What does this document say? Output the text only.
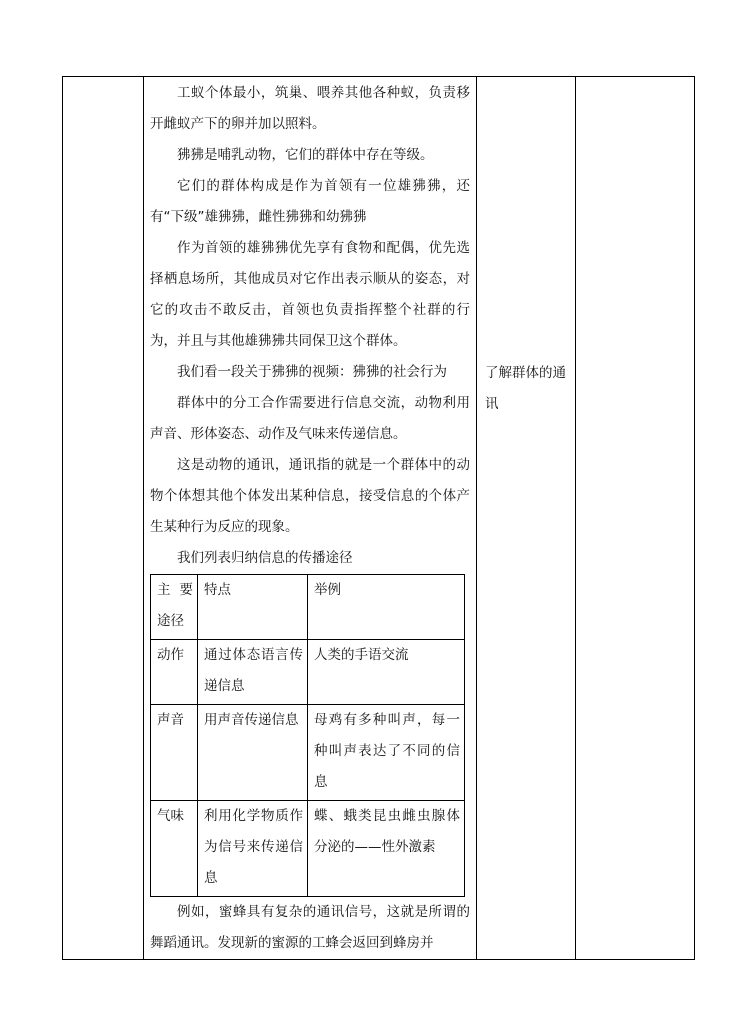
工蚁个体最小，筑巢、喂养其他各种蚁，负责移开雌蚁产下的卵并加以照料。

狒狒是哺乳动物，它们的群体中存在等级。

它们的群体构成是作为首领有一位雄狒狒，还有“下级”雄狒狒，雌性狒狒和幼狒狒

作为首领的雄狒狒优先享有食物和配偶，优先选择栖息场所，其他成员对它作出表示顺从的姿态，对它的攻击不敢反击，首领也负责指挥整个社群的行为，并且与其他雄狒狒共同保卫这个群体。

我们看一段关于狒狒的视频：狒狒的社会行为

群体中的分工合作需要进行信息交流，动物利用声音、形体姿态、动作及气味来传递信息。

这是动物的通讯，通讯指的就是一个群体中的动物个体想其他个体发出某种信息，接受信息的个体产生某种行为反应的现象。

我们列表归纳信息的传播途径

主要途径	特点	举例
动作	通过体态语言传递信息	人类的手语交流
声音	用声音传递信息	母鸡有多种叫声，每一种叫声表达了不同的信息
气味	利用化学物质作为信号来传递信息	蝶、蛾类昆虫雌虫腺体分泌的——性外激素

例如，蜜蜂具有复杂的通讯信号，这就是所谓的舞蹈通讯。发现新的蜜源的工蜂会返回到蜂房并

了解群体的通讯
